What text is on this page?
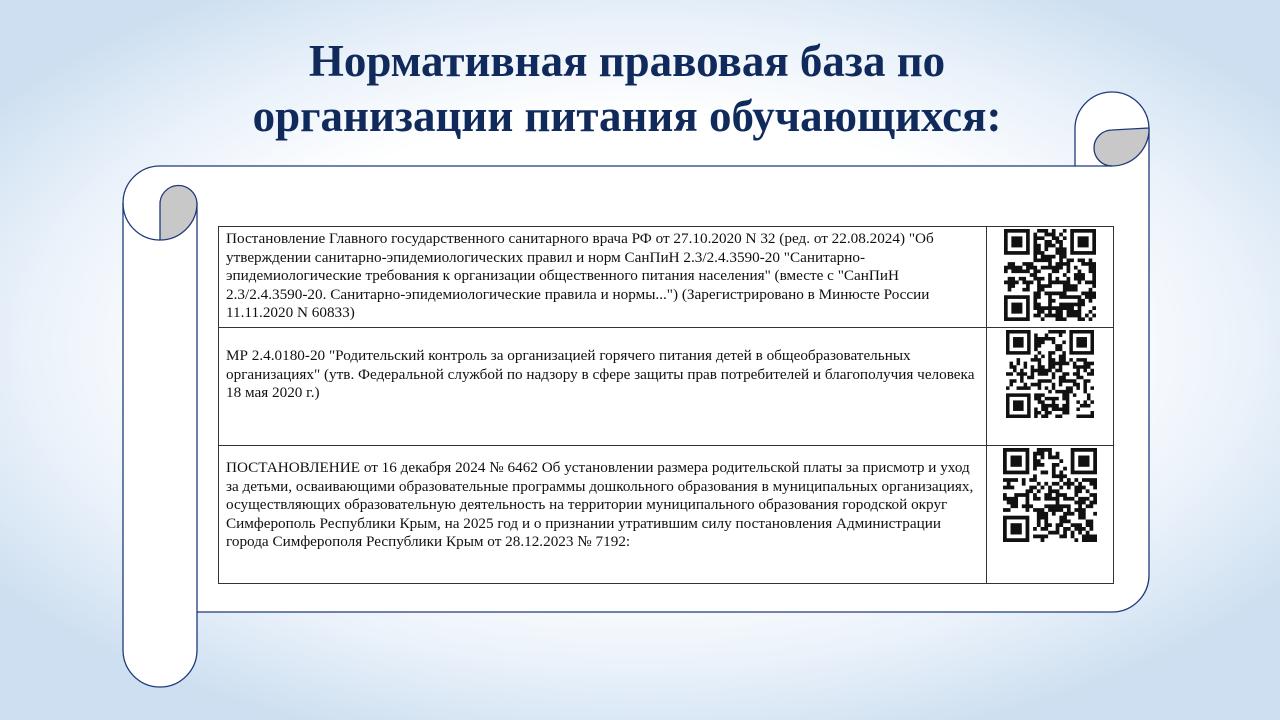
Нормативная правовая база по
организации питания обучающихся:
Постановление Главного государственного санитарного врача РФ от 27.10.2020 N 32 (ред. от 22.08.2024) "Об утверждении санитарно-эпидемиологических правил и норм СанПиН 2.3/2.4.3590-20 "Санитарно-эпидемиологические требования к организации общественного питания населения" (вместе с "СанПиН 2.3/2.4.3590-20. Санитарно-эпидемиологические правила и нормы...") (Зарегистрировано в Минюсте России 11.11.2020 N 60833)	

МР 2.4.0180-20 "Родительский контроль за организацией горячего питания детей в общеобразовательных организациях" (утв. Федеральной службой по надзору в сфере защиты прав потребителей и благополучия человека 18 мая 2020 г.)	

ПОСТАНОВЛЕНИЕ от 16 декабря 2024 № 6462 Об установлении размера родительской платы за присмотр и уход за детьми, осваивающими образовательные программы дошкольного образования в муниципальных организациях, осуществляющих образовательную деятельность на территории муниципального образования городской округ Симферополь Республики Крым, на 2025 год и о признании утратившим силу постановления Администрации города Симферополя Республики Крым от 28.12.2023 № 7192:	
